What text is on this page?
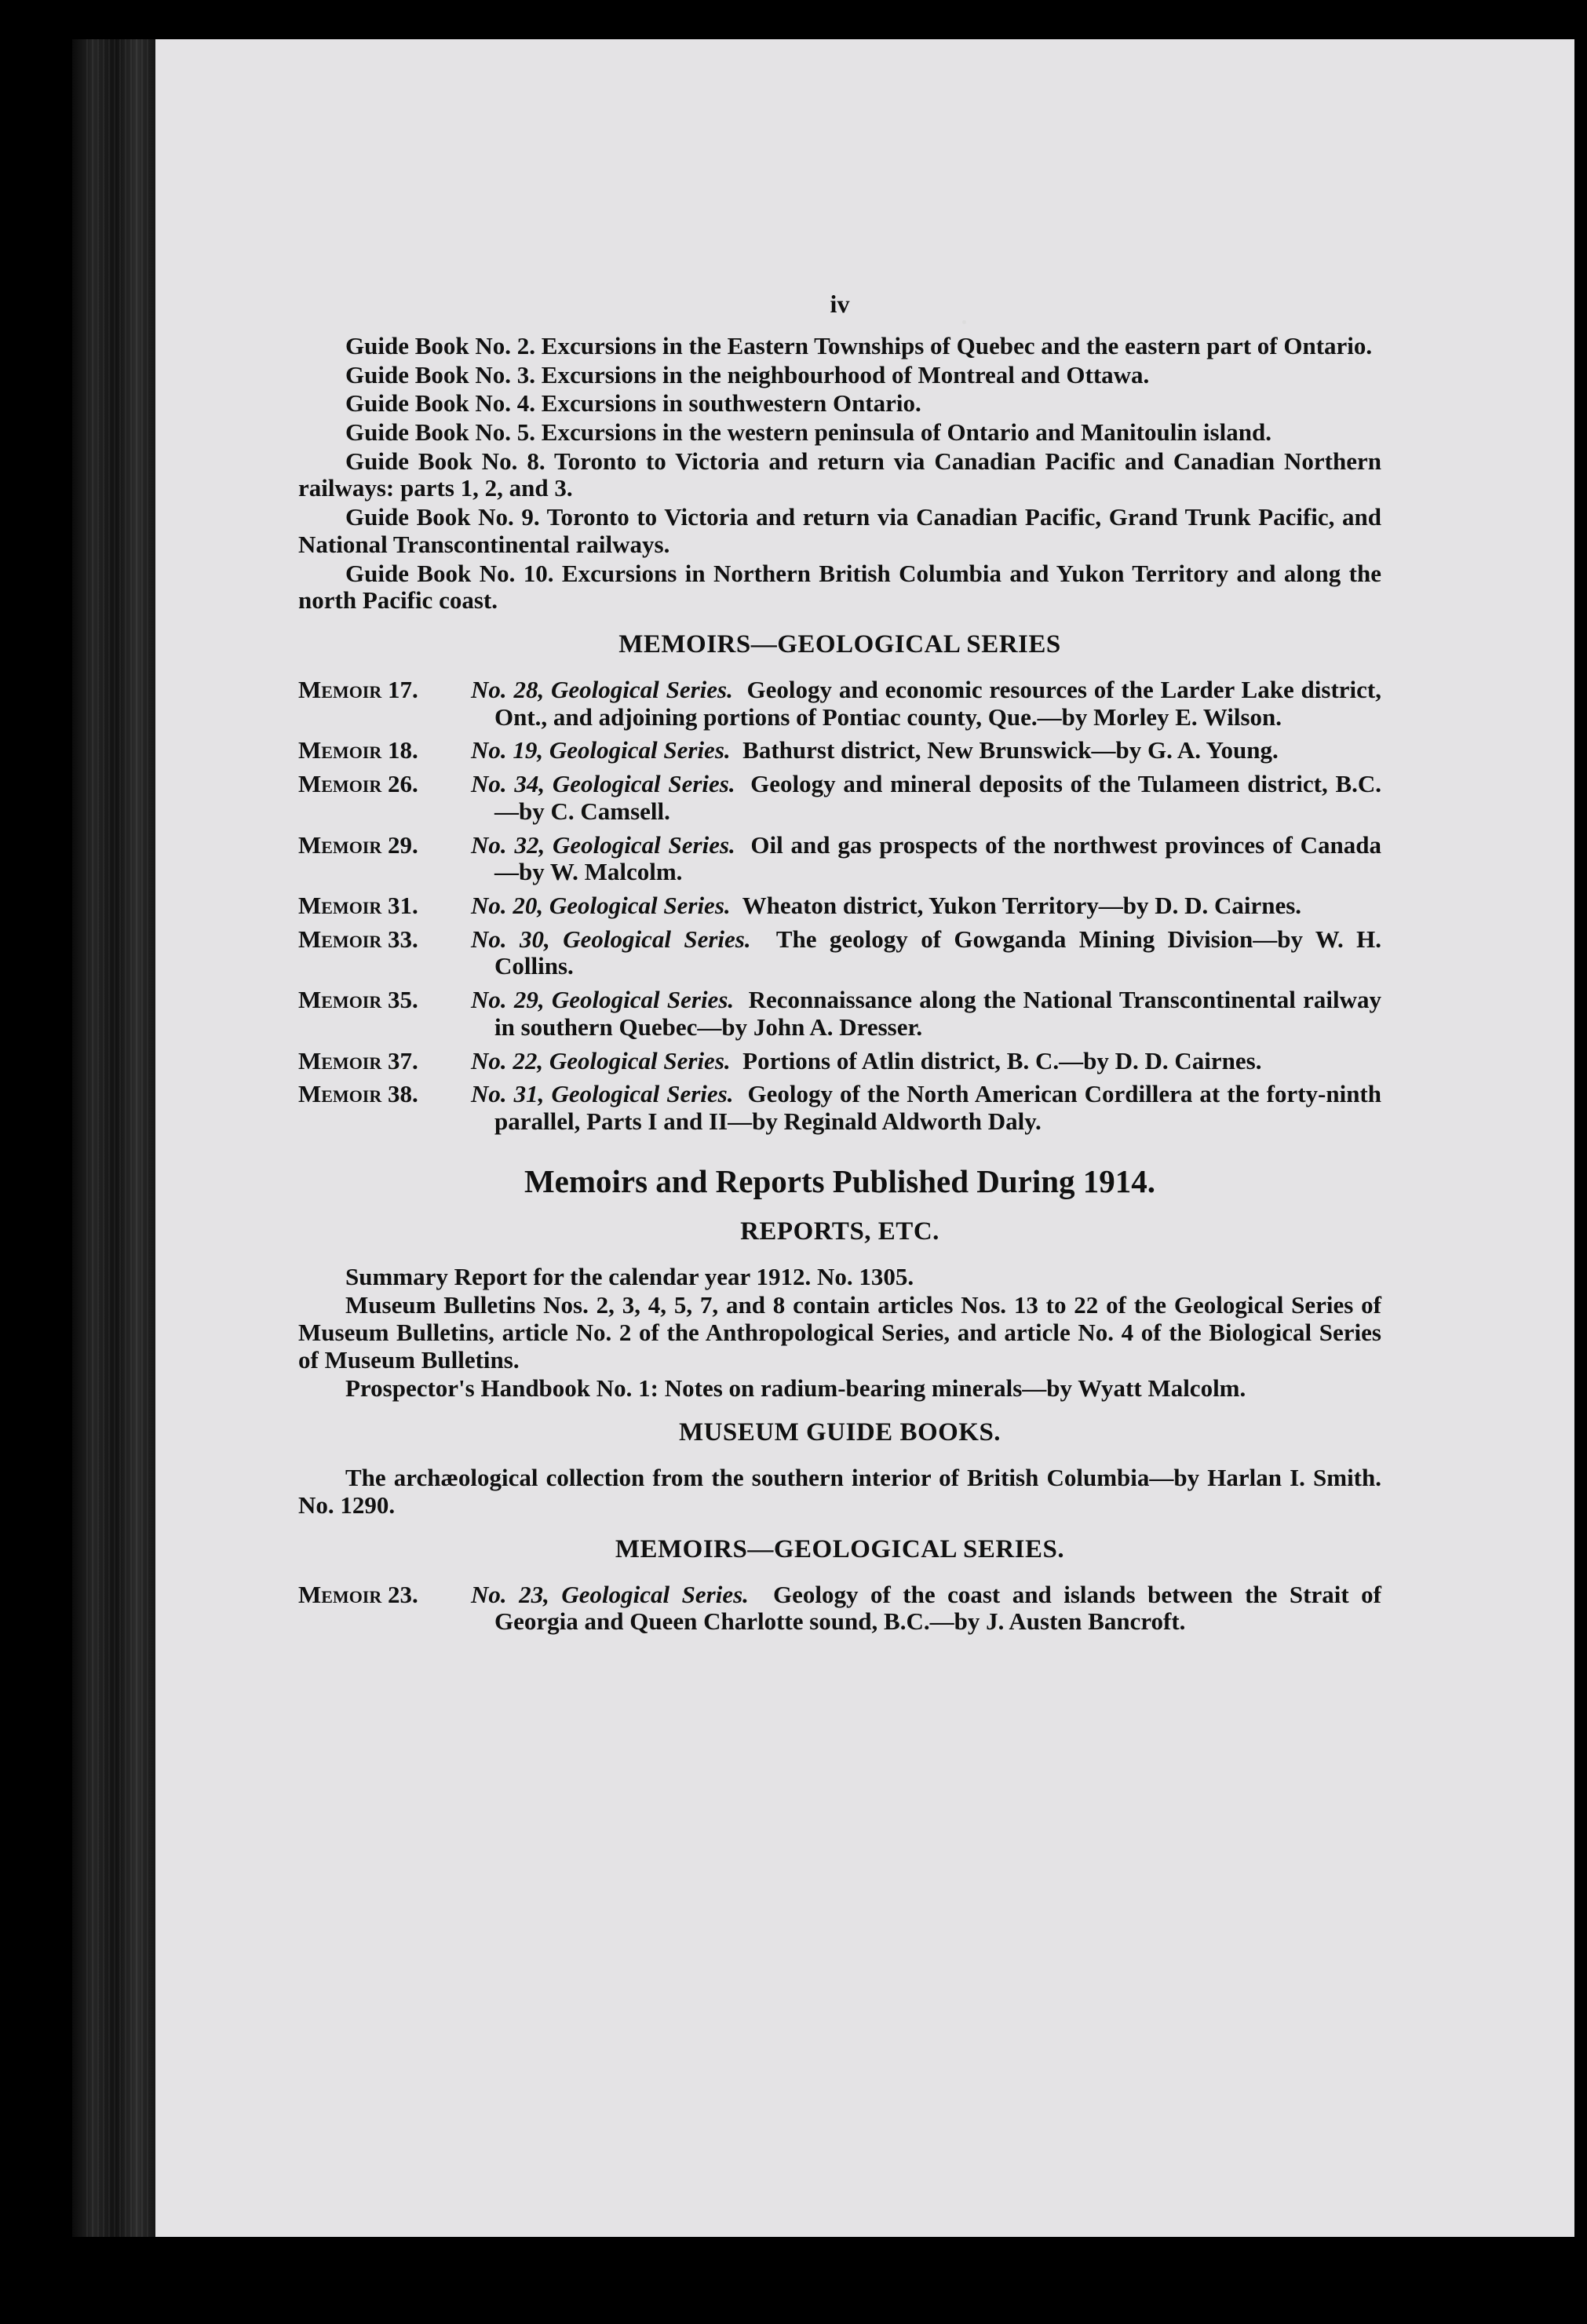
iv

Guide Book No. 2. Excursions in the Eastern Townships of Quebec and the eastern part of Ontario.

Guide Book No. 3. Excursions in the neighbourhood of Montreal and Ottawa.

Guide Book No. 4. Excursions in southwestern Ontario.

Guide Book No. 5. Excursions in the western peninsula of Ontario and Manitoulin island.

Guide Book No. 8. Toronto to Victoria and return via Canadian Pacific and Canadian Northern railways: parts 1, 2, and 3.

Guide Book No. 9. Toronto to Victoria and return via Canadian Pacific, Grand Trunk Pacific, and National Transcontinental railways.

Guide Book No. 10. Excursions in Northern British Columbia and Yukon Territory and along the north Pacific coast.

MEMOIRS—GEOLOGICAL SERIES
Memoir 17.	No. 28, Geological Series. Geology and economic resources of the Larder Lake district, Ont., and adjoining portions of Pontiac county, Que.—by Morley E. Wilson.
Memoir 18.	No. 19, Geological Series. Bathurst district, New Brunswick—by G. A. Young.
Memoir 26.	No. 34, Geological Series. Geology and mineral deposits of the Tulameen district, B.C.—by C. Camsell.
Memoir 29.	No. 32, Geological Series. Oil and gas prospects of the northwest provinces of Canada—by W. Malcolm.
Memoir 31.	No. 20, Geological Series. Wheaton district, Yukon Territory—by D. D. Cairnes.
Memoir 33.	No. 30, Geological Series. The geology of Gowganda Mining Division—by W. H. Collins.
Memoir 35.	No. 29, Geological Series. Reconnaissance along the National Transcontinental railway in southern Quebec—by John A. Dresser.
Memoir 37.	No. 22, Geological Series. Portions of Atlin district, B. C.—by D. D. Cairnes.
Memoir 38.	No. 31, Geological Series. Geology of the North American Cordillera at the forty-ninth parallel, Parts I and II—by Reginald Aldworth Daly.
Memoirs and Reports Published During 1914.
REPORTS, ETC.

Summary Report for the calendar year 1912. No. 1305.

Museum Bulletins Nos. 2, 3, 4, 5, 7, and 8 contain articles Nos. 13 to 22 of the Geological Series of Museum Bulletins, article No. 2 of the Anthropological Series, and article No. 4 of the Biological Series of Museum Bulletins.

Prospector's Handbook No. 1: Notes on radium-bearing minerals—by Wyatt Malcolm.

MUSEUM GUIDE BOOKS.

The archæological collection from the southern interior of British Columbia—by Harlan I. Smith. No. 1290.

MEMOIRS—GEOLOGICAL SERIES.
Memoir 23.	No. 23, Geological Series. Geology of the coast and islands between the Strait of Georgia and Queen Charlotte sound, B.C.—by J. Austen Bancroft.
